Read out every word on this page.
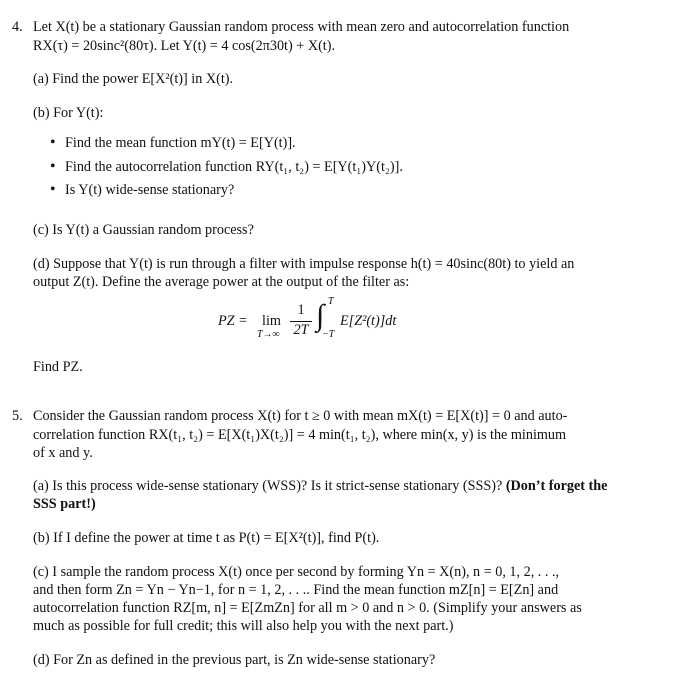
4. Let X(t) be a stationary Gaussian random process with mean zero and autocorrelation function
RX(τ) = 20sinc²(80τ). Let Y(t) = 4 cos(2π30t) + X(t).
(a) Find the power E[X²(t)] in X(t).
(b) For Y(t):
• Find the mean function mY(t) = E[Y(t)].
• Find the autocorrelation function RY(t₁, t₂) = E[Y(t₁)Y(t₂)].
• Is Y(t) wide-sense stationary?
(c) Is Y(t) a Gaussian random process?
(d) Suppose that Y(t) is run through a filter with impulse response h(t) = 40sinc(80t) to yield an
output Z(t). Define the average power at the output of the filter as:
PZ = lim
T→∞
1
2T ∫ T
−T
E[Z²(t)]dt
Find PZ.
5. Consider the Gaussian random process X(t) for t ≥ 0 with mean mX(t) = E[X(t)] = 0 and auto-
correlation function RX(t₁, t₂) = E[X(t₁)X(t₂)] = 4 min(t₁, t₂), where min(x, y) is the minimum
of x and y.
(a) Is this process wide-sense stationary (WSS)? Is it strict-sense stationary (SSS)? (Don’t forget the
SSS part!)
(b) If I define the power at time t as P(t) = E[X²(t)], find P(t).
(c) I sample the random process X(t) once per second by forming Yn = X(n), n = 0, 1, 2, . . .,
and then form Zn = Yn − Yn−1, for n = 1, 2, . . .. Find the mean function mZ[n] = E[Zn] and
autocorrelation function RZ[m, n] = E[ZmZn] for all m > 0 and n > 0. (Simplify your answers as
much as possible for full credit; this will also help you with the next part.)
(d) For Zn as defined in the previous part, is Zn wide-sense stationary?
